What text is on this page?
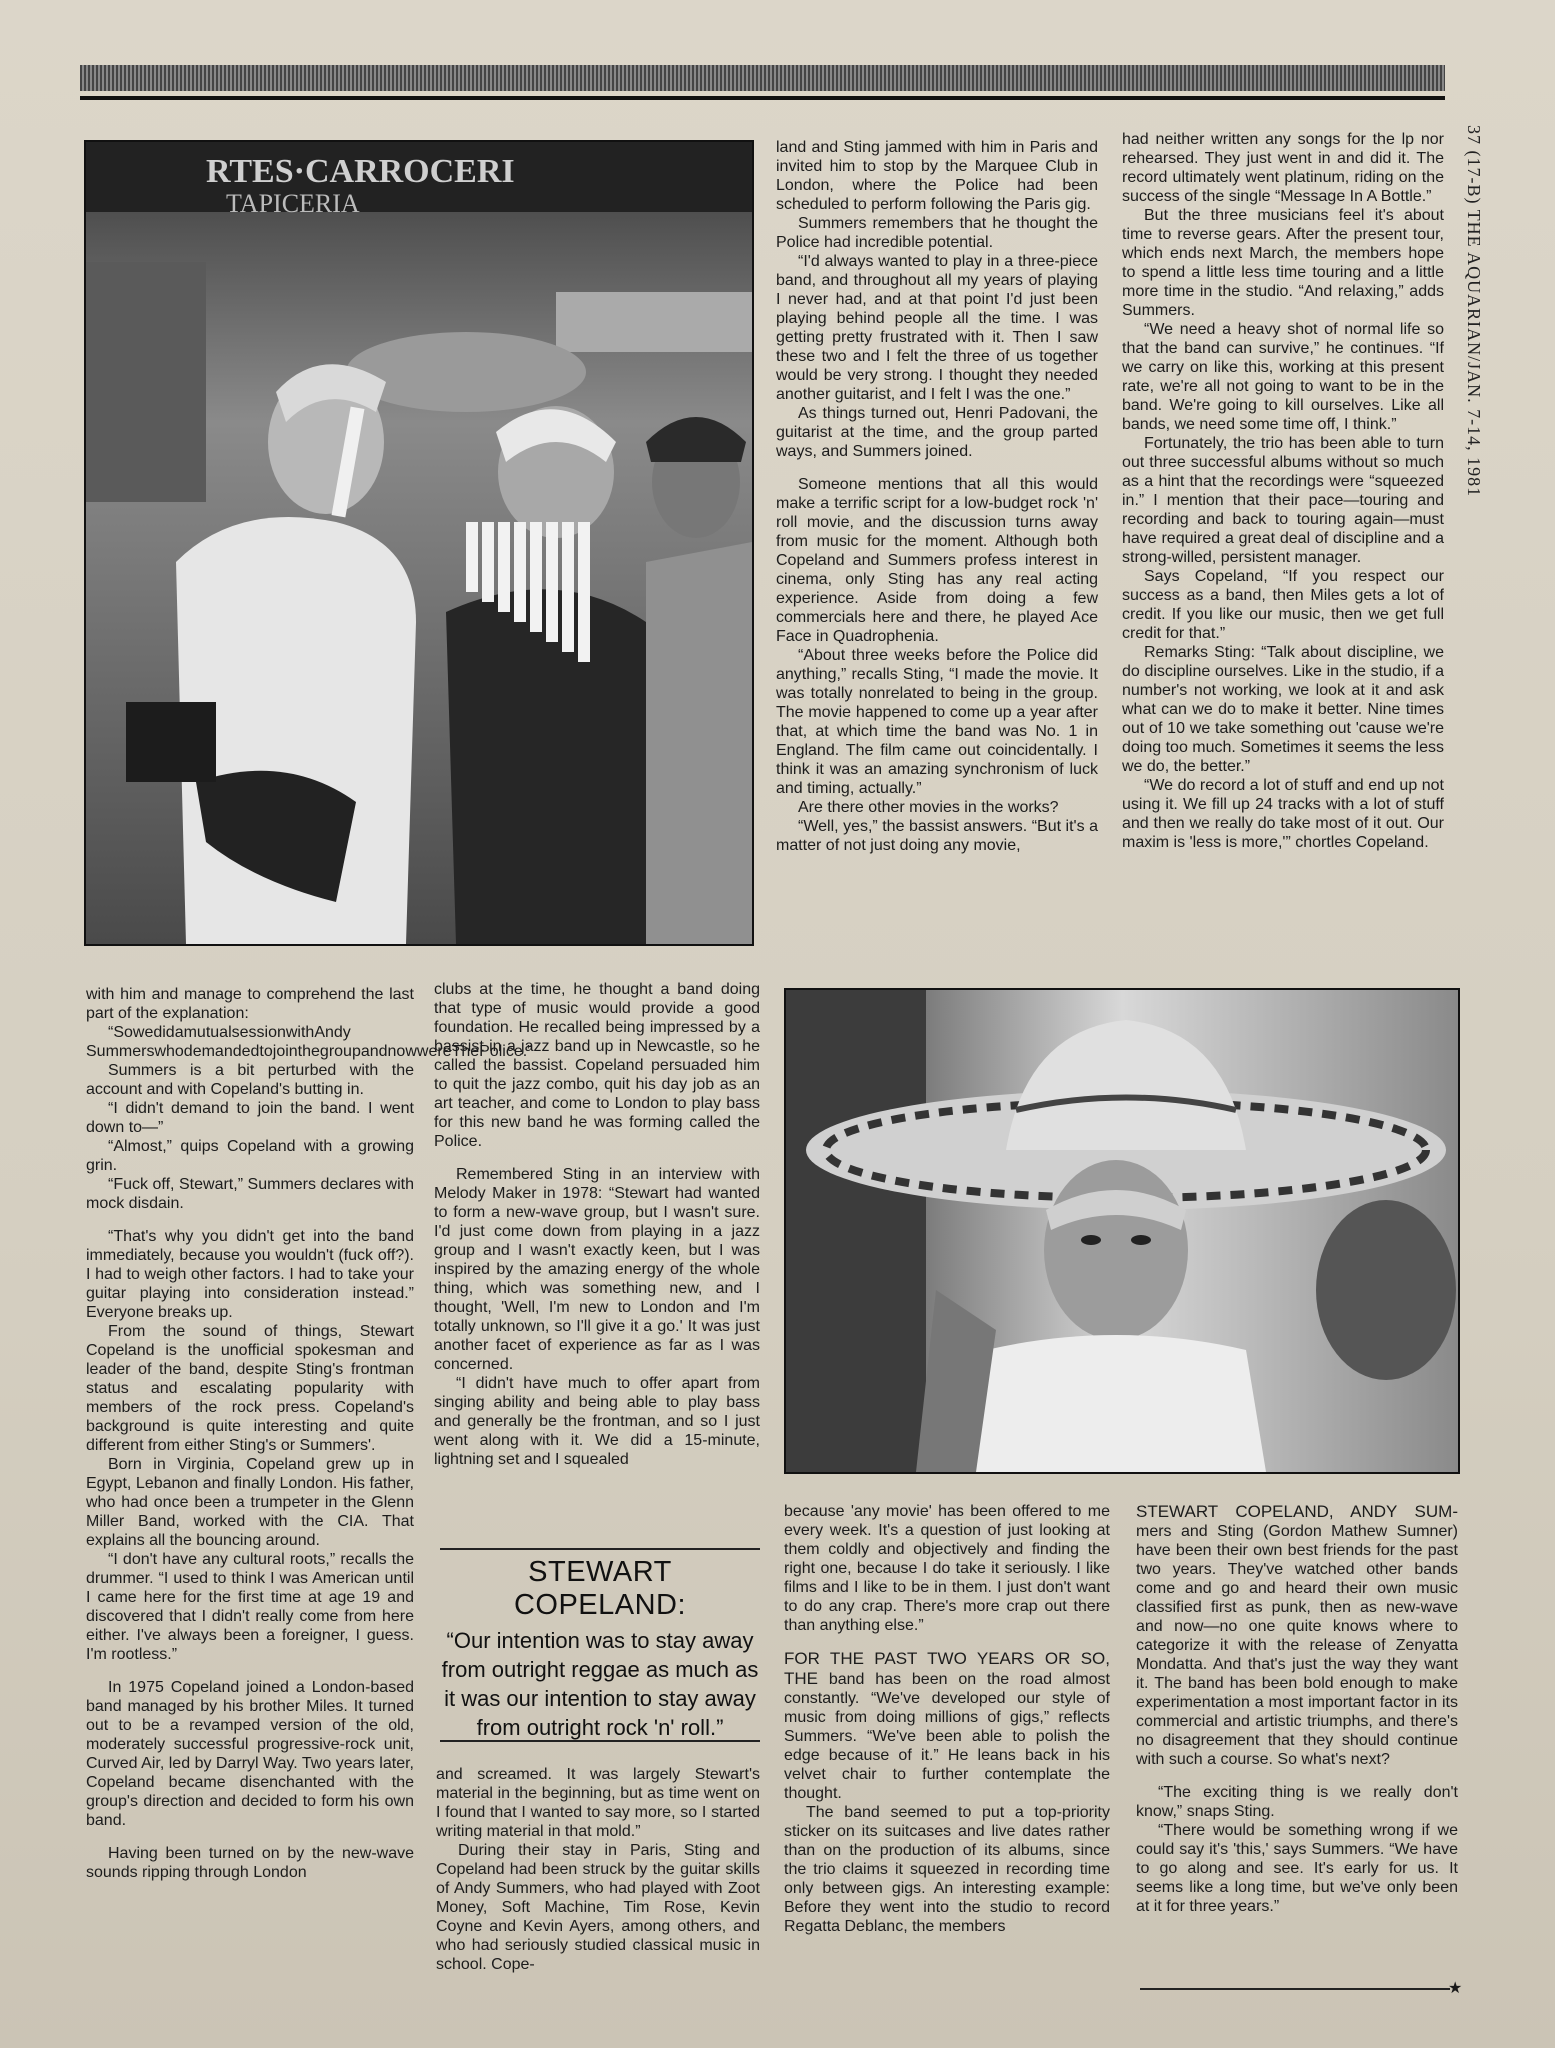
37 (17-B) THE AQUARIAN/JAN. 7-14, 1981
RTES·CARROCERI
TAPICERIA

land and Sting jammed with him in Paris and invited him to stop by the Marquee Club in London, where the Police had been scheduled to perform following the Paris gig.

Summers remembers that he thought the Police had incredible potential.

“I'd always wanted to play in a three-piece band, and throughout all my years of playing I never had, and at that point I'd just been playing behind people all the time. I was getting pretty frustrated with it. Then I saw these two and I felt the three of us together would be very strong. I thought they needed another guitarist, and I felt I was the one.”

As things turned out, Henri Padovani, the guitarist at the time, and the group parted ways, and Summers joined.

Someone mentions that all this would make a terrific script for a low-budget rock 'n' roll movie, and the discussion turns away from music for the moment. Although both Copeland and Summers profess interest in cinema, only Sting has any real acting experience. Aside from doing a few commercials here and there, he played Ace Face in Quadrophenia.

“About three weeks before the Police did anything,” recalls Sting, “I made the movie. It was totally nonrelated to being in the group. The movie happened to come up a year after that, at which time the band was No. 1 in England. The film came out coincidentally. I think it was an amazing synchronism of luck and timing, actually.”

Are there other movies in the works?

“Well, yes,” the bassist answers. “But it's a matter of not just doing any movie,

had neither written any songs for the lp nor rehearsed. They just went in and did it. The record ultimately went platinum, riding on the success of the single “Message In A Bottle.”

But the three musicians feel it's about time to reverse gears. After the present tour, which ends next March, the members hope to spend a little less time touring and a little more time in the studio. “And relaxing,” adds Summers.

“We need a heavy shot of normal life so that the band can survive,” he continues. “If we carry on like this, working at this present rate, we're all not going to want to be in the band. We're going to kill ourselves. Like all bands, we need some time off, I think.”

Fortunately, the trio has been able to turn out three successful albums without so much as a hint that the recordings were “squeezed in.” I mention that their pace—touring and recording and back to touring again—must have required a great deal of discipline and a strong-willed, persistent manager.

Says Copeland, “If you respect our success as a band, then Miles gets a lot of credit. If you like our music, then we get full credit for that.”

Remarks Sting: “Talk about discipline, we do discipline ourselves. Like in the studio, if a number's not working, we look at it and ask what can we do to make it better. Nine times out of 10 we take something out 'cause we're doing too much. Sometimes it seems the less we do, the better.”

“We do record a lot of stuff and end up not using it. We fill up 24 tracks with a lot of stuff and then we really do take most of it out. Our maxim is 'less is more,'” chortles Copeland.

with him and manage to comprehend the last part of the explanation:

“SowedidamutualsessionwithAndy SummerswhodemandedtojointhegroupandnowwereThePolice.”

Summers is a bit perturbed with the account and with Copeland's butting in.

“I didn't demand to join the band. I went down to—”

“Almost,” quips Copeland with a growing grin.

“Fuck off, Stewart,” Summers declares with mock disdain.

“That's why you didn't get into the band immediately, because you wouldn't (fuck off?). I had to weigh other factors. I had to take your guitar playing into consideration instead.” Everyone breaks up.

From the sound of things, Stewart Copeland is the unofficial spokesman and leader of the band, despite Sting's frontman status and escalating popularity with members of the rock press. Copeland's background is quite interesting and quite different from either Sting's or Summers'.

Born in Virginia, Copeland grew up in Egypt, Lebanon and finally London. His father, who had once been a trumpeter in the Glenn Miller Band, worked with the CIA. That explains all the bouncing around.

“I don't have any cultural roots,” recalls the drummer. “I used to think I was American until I came here for the first time at age 19 and discovered that I didn't really come from here either. I've always been a foreigner, I guess. I'm rootless.”

In 1975 Copeland joined a London-based band managed by his brother Miles. It turned out to be a revamped version of the old, moderately successful progressive-rock unit, Curved Air, led by Darryl Way. Two years later, Copeland became disenchanted with the group's direction and decided to form his own band.

Having been turned on by the new-wave sounds ripping through London

clubs at the time, he thought a band doing that type of music would provide a good foundation. He recalled being impressed by a bassist in a jazz band up in Newcastle, so he called the bassist. Copeland persuaded him to quit the jazz combo, quit his day job as an art teacher, and come to London to play bass for this new band he was forming called the Police.

Remembered Sting in an interview with Melody Maker in 1978: “Stewart had wanted to form a new-wave group, but I wasn't sure. I'd just come down from playing in a jazz group and I wasn't exactly keen, but I was inspired by the amazing energy of the whole thing, which was something new, and I thought, 'Well, I'm new to London and I'm totally unknown, so I'll give it a go.' It was just another facet of experience as far as I was concerned.

“I didn't have much to offer apart from singing ability and being able to play bass and generally be the frontman, and so I just went along with it. We did a 15-minute, lightning set and I squealed

STEWART COPELAND:
“Our intention was to stay away from outright reggae as much as it was our intention to stay away from outright rock 'n' roll.”

and screamed. It was largely Stewart's material in the beginning, but as time went on I found that I wanted to say more, so I started writing material in that mold.”

During their stay in Paris, Sting and Copeland had been struck by the guitar skills of Andy Summers, who had played with Zoot Money, Soft Machine, Tim Rose, Kevin Coyne and Kevin Ayers, among others, and who had seriously studied classical music in school. Cope-

because 'any movie' has been offered to me every week. It's a question of just looking at them coldly and objectively and finding the right one, because I do take it seriously. I like films and I like to be in them. I just don't want to do any crap. There's more crap out there than anything else.”

FOR THE PAST TWO YEARS OR SO, THE band has been on the road almost constantly. “We've developed our style of music from doing millions of gigs,” reflects Summers. “We've been able to polish the edge because of it.” He leans back in his velvet chair to further contemplate the thought.

The band seemed to put a top-priority sticker on its suitcases and live dates rather than on the production of its albums, since the trio claims it squeezed in recording time only between gigs. An interesting example: Before they went into the studio to record Regatta Deblanc, the members

STEWART COPELAND, ANDY SUM- mers and Sting (Gordon Mathew Sumner) have been their own best friends for the past two years. They've watched other bands come and go and heard their own music classified first as punk, then as new-wave and now—no one quite knows where to categorize it with the release of Zenyatta Mondatta. And that's just the way they want it. The band has been bold enough to make experimentation a most important factor in its commercial and artistic triumphs, and there's no disagreement that they should continue with such a course. So what's next?

“The exciting thing is we really don't know,” snaps Sting.

“There would be something wrong if we could say it's 'this,' says Summers. “We have to go along and see. It's early for us. It seems like a long time, but we've only been at it for three years.”

★
